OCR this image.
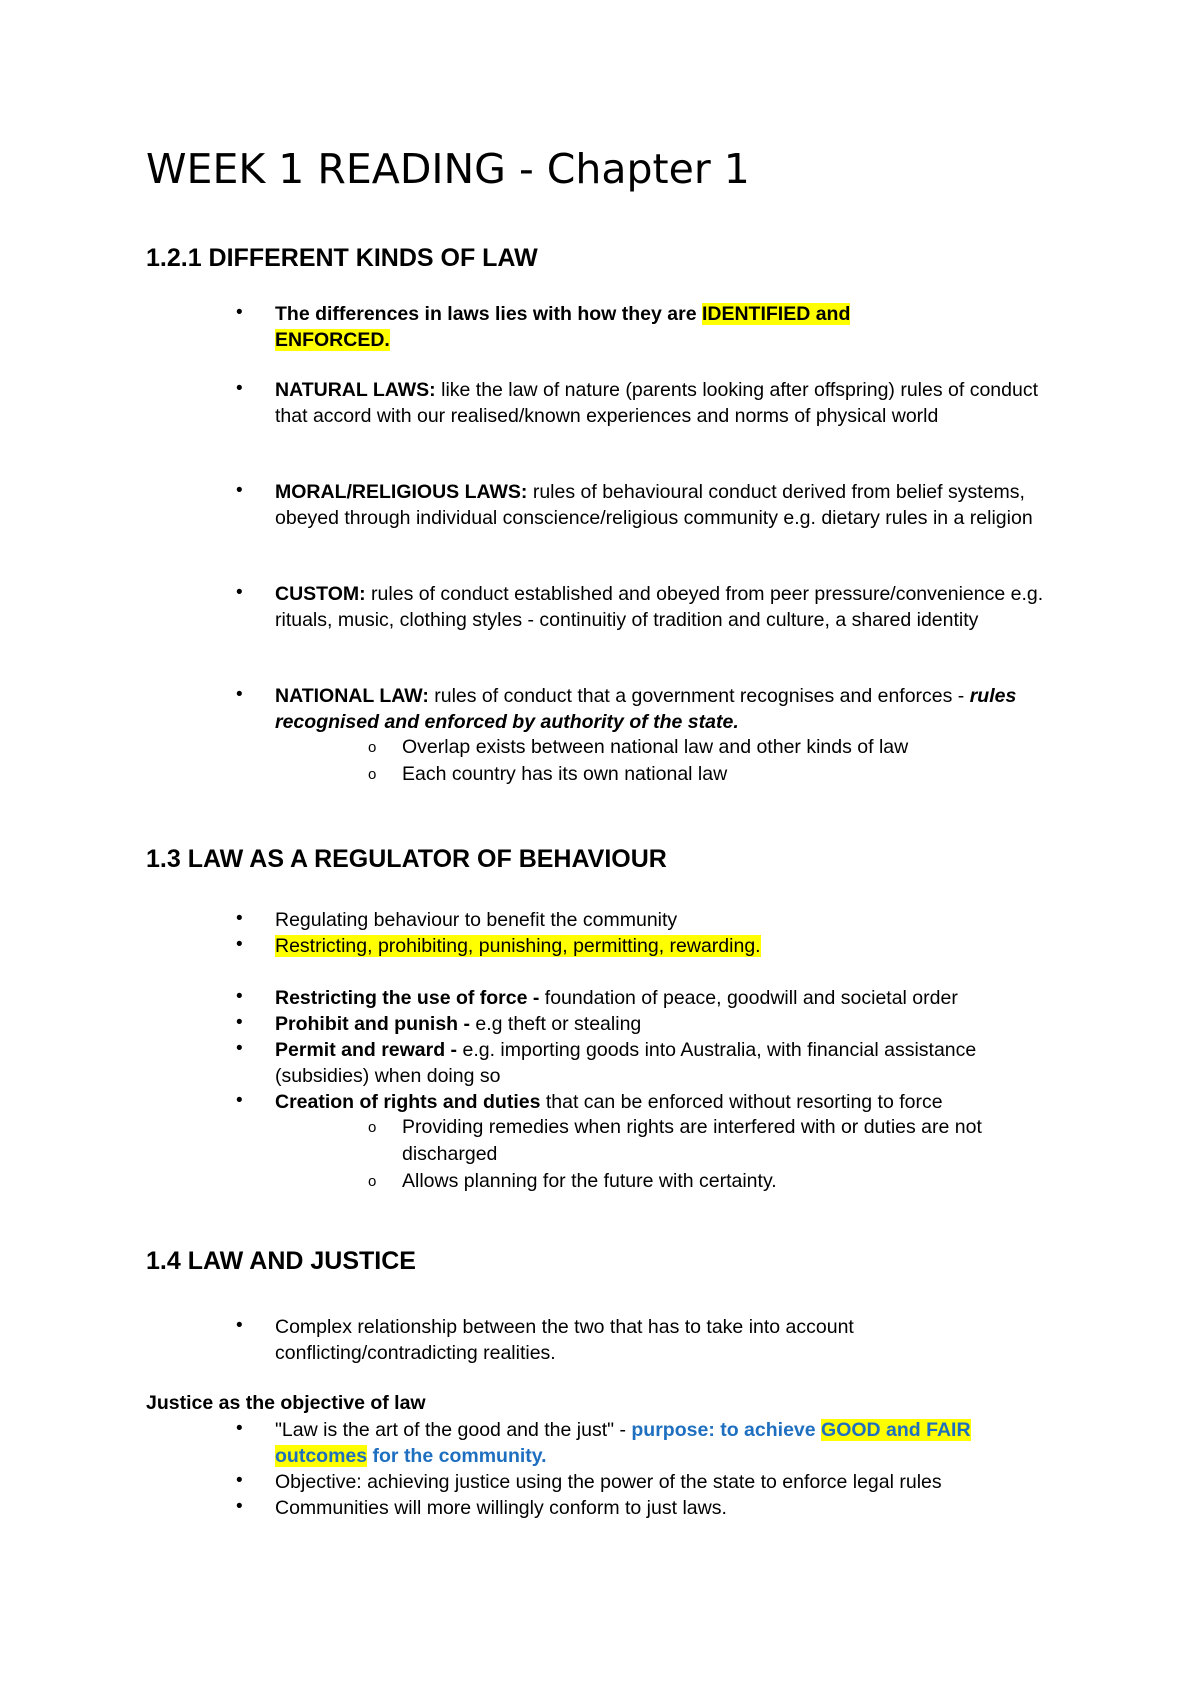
WEEK 1 READING - Chapter 1
1.2.1 DIFFERENT KINDS OF LAW
•	The differences in laws lies with how they are IDENTIFIED and ENFORCED.

•	NATURAL LAWS: like the law of nature (parents looking after offspring) rules of conduct that accord with our realised/known experiences and norms of physical world

•	MORAL/RELIGIOUS LAWS: rules of behavioural conduct derived from belief systems, obeyed through individual conscience/religious community e.g. dietary rules in a religion

•	CUSTOM: rules of conduct established and obeyed from peer pressure/convenience e.g. rituals, music, clothing styles - continuitiy of tradition and culture, a shared identity

•	NATIONAL LAW: rules of conduct that a government recognises and enforces - rules recognised and enforced by authority of the state.

o	Overlap exists between national law and other kinds of law

o	Each country has its own national law

1.3 LAW AS A REGULATOR OF BEHAVIOUR
•	Regulating behaviour to benefit the community

•	Restricting, prohibiting, punishing, permitting, rewarding.

•	Restricting the use of force - foundation of peace, goodwill and societal order

•	Prohibit and punish - e.g theft or stealing

•	Permit and reward - e.g. importing goods into Australia, with financial assistance (subsidies) when doing so

•	Creation of rights and duties that can be enforced without resorting to force

o	Providing remedies when rights are interfered with or duties are not discharged

o	Allows planning for the future with certainty.

1.4 LAW AND JUSTICE
•	Complex relationship between the two that has to take into account conflicting/contradicting realities.

Justice as the objective of law
•	"Law is the art of the good and the just" - purpose: to achieve GOOD and FAIR outcomes for the community.

•	Objective: achieving justice using the power of the state to enforce legal rules

•	Communities will more willingly conform to just laws.
